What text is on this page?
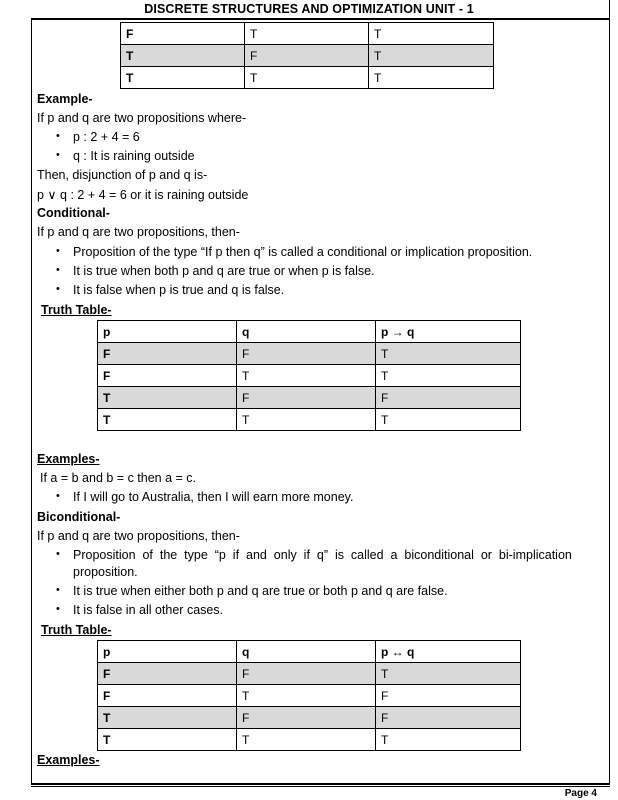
DISCRETE STRUCTURES AND OPTIMIZATION UNIT - 1
F	T	T
T	F	T
T	T	T
Example-
If p and q are two propositions where-
• p : 2 + 4 = 6
• q : It is raining outside
Then, disjunction of p and q is-
p ∨ q : 2 + 4 = 6 or it is raining outside
Conditional-
If p and q are two propositions, then-
• Proposition of the type “If p then q” is called a conditional or implication proposition.
• It is true when both p and q are true or when p is false.
• It is false when p is true and q is false.
Truth Table-
p	q	p → q
F	F	T
F	T	T
T	F	F
T	T	T
Examples-
If a = b and b = c then a = c.
• If I will go to Australia, then I will earn more money.
Biconditional-
If p and q are two propositions, then-
• Proposition  of  the  type  “p  if  and  only  if  q”  is  called  a  biconditional  or  bi-implication
proposition.
• It is true when either both p and q are true or both p and q are false.
• It is false in all other cases.
Truth Table-
p	q	p ↔ q
F	F	T
F	T	F
T	F	F
T	T	T
Examples-
Page 4
